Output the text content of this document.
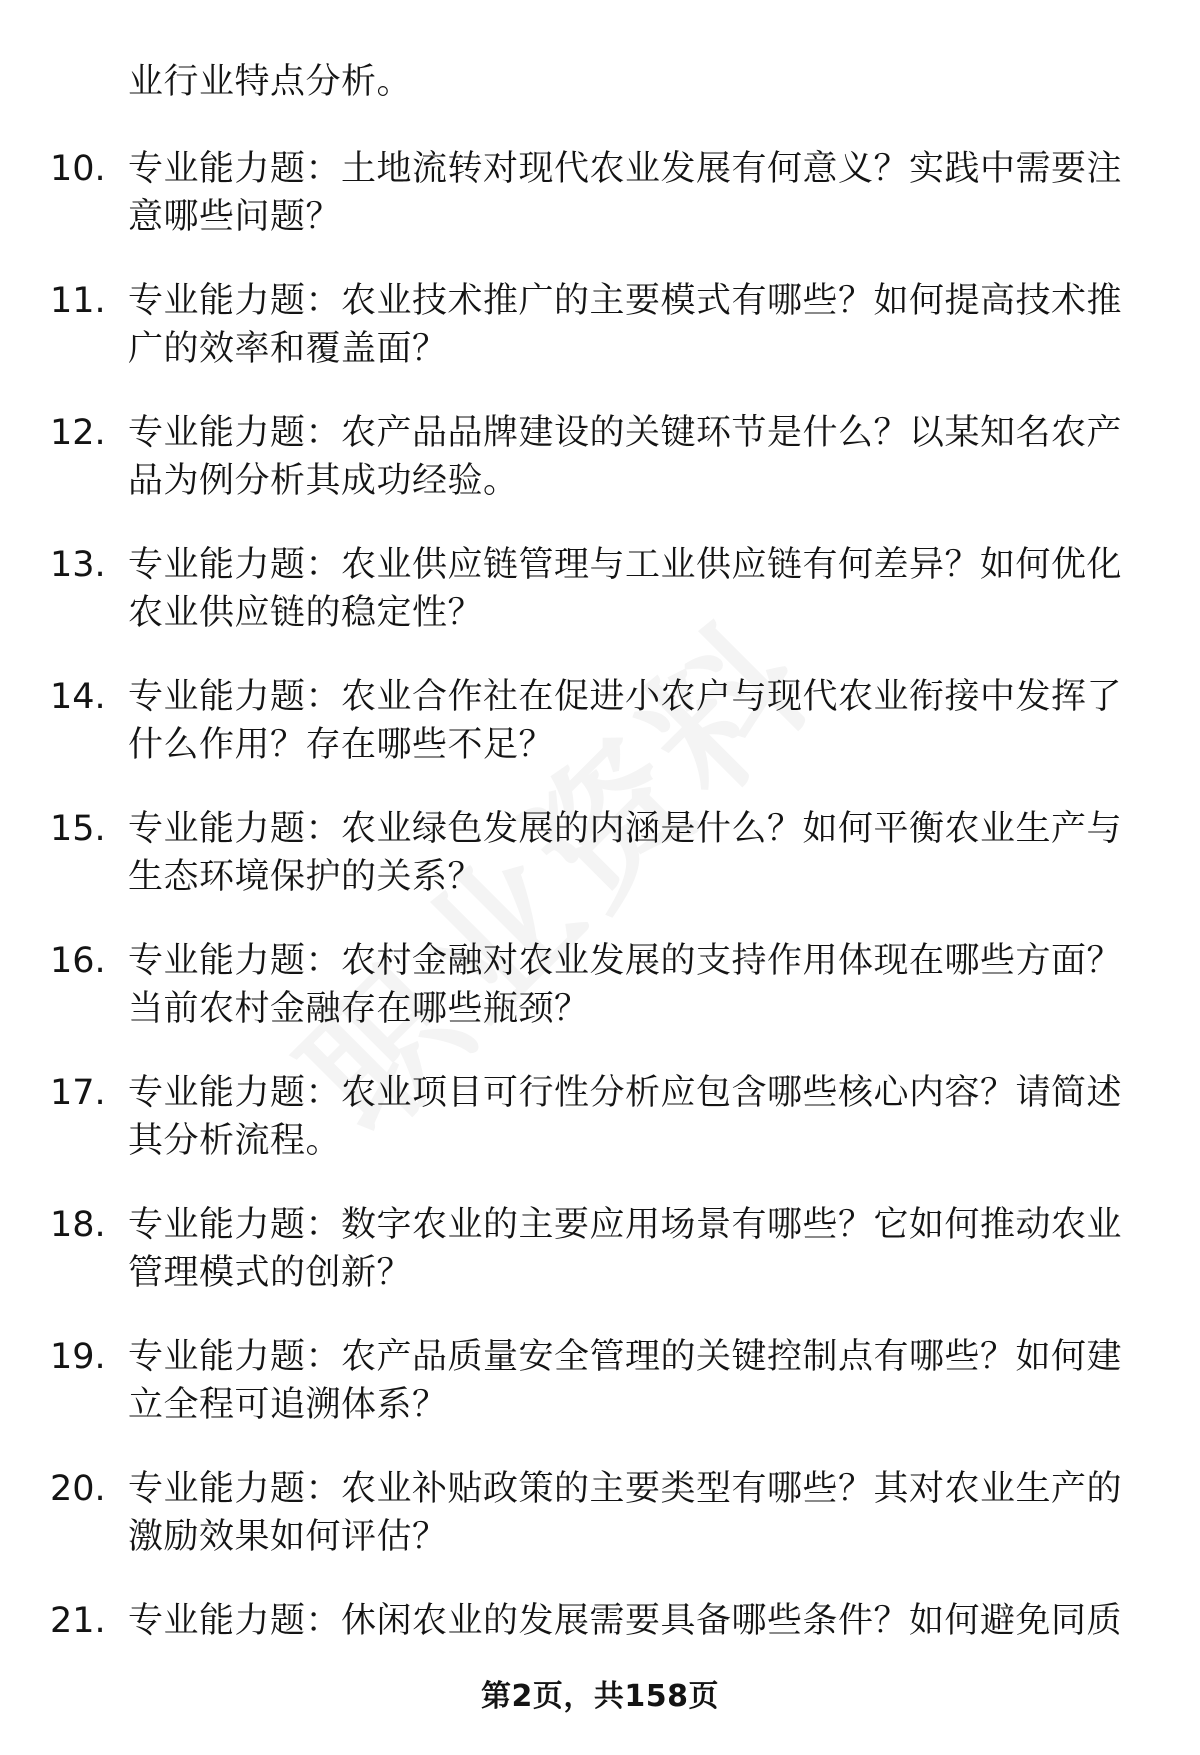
业行业特点分析。
10. 专业能力题：土地流转对现代农业发展有何意义？实践中需要注意哪些问题？
11. 专业能力题：农业技术推广的主要模式有哪些？如何提高技术推广的效率和覆盖面？
12. 专业能力题：农产品品牌建设的关键环节是什么？以某知名农产品为例分析其成功经验。
13. 专业能力题：农业供应链管理与工业供应链有何差异？如何优化农业供应链的稳定性？
14. 专业能力题：农业合作社在促进小农户与现代农业衔接中发挥了什么作用？存在哪些不足？
15. 专业能力题：农业绿色发展的内涵是什么？如何平衡农业生产与生态环境保护的关系？
16. 专业能力题：农村金融对农业发展的支持作用体现在哪些方面？当前农村金融存在哪些瓶颈？
17. 专业能力题：农业项目可行性分析应包含哪些核心内容？请简述其分析流程。
18. 专业能力题：数字农业的主要应用场景有哪些？它如何推动农业管理模式的创新？
19. 专业能力题：农产品质量安全管理的关键控制点有哪些？如何建立全程可追溯体系？
20. 专业能力题：农业补贴政策的主要类型有哪些？其对农业生产的激励效果如何评估？
21. 专业能力题：休闲农业的发展需要具备哪些条件？如何避免同质
第2页，共158页
